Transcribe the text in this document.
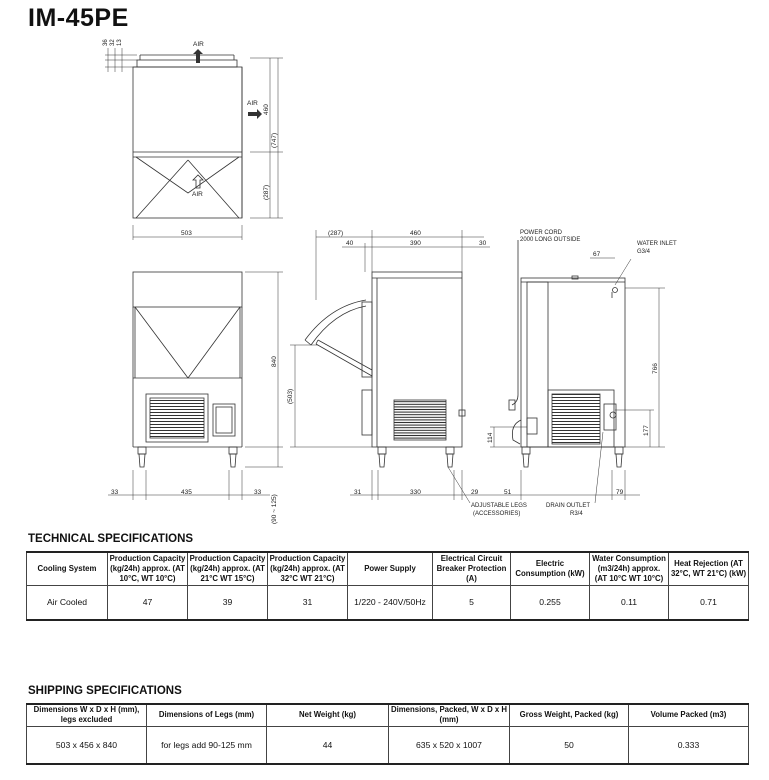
IM-45PE
AIR
AIR
AIR
36 32 13
460
(747)
(287)
503
840
(90 ~ 125)
33	435	33
(287)	460
40	390	30
(503)
31	330	29
ADJUSTABLE LEGS
(ACCESSORIES)
POWER CORD
2000 LONG OUTSIDE
WATER INLET
G3/4
67
766
177
114
51	79
DRAIN OUTLET
R3/4
TECHNICAL SPECIFICATIONS
Cooling System	Production Capacity (kg/24h) approx. (AT 10°C, WT 10°C)	Production Capacity (kg/24h) approx. (AT 21°C WT 15°C)	Production Capacity (kg/24h) approx. (AT 32°C WT 21°C)	Power Supply	Electrical Circuit Breaker Protection (A)	Electric Consumption (kW)	Water Consumption (m3/24h) approx. (AT 10°C WT 10°C)	Heat Rejection (AT 32°C, WT 21°C) (kW)
Air Cooled	47	39	31	1/220 - 240V/50Hz	5	0.255	0.11	0.71
SHIPPING SPECIFICATIONS
Dimensions W x D x H (mm), legs excluded	Dimensions of Legs (mm)	Net Weight (kg)	Dimensions, Packed, W x D x H (mm)	Gross Weight, Packed (kg)	Volume Packed (m3)
503 x 456 x 840	for legs add 90-125 mm	44	635 x 520 x 1007	50	0.333
